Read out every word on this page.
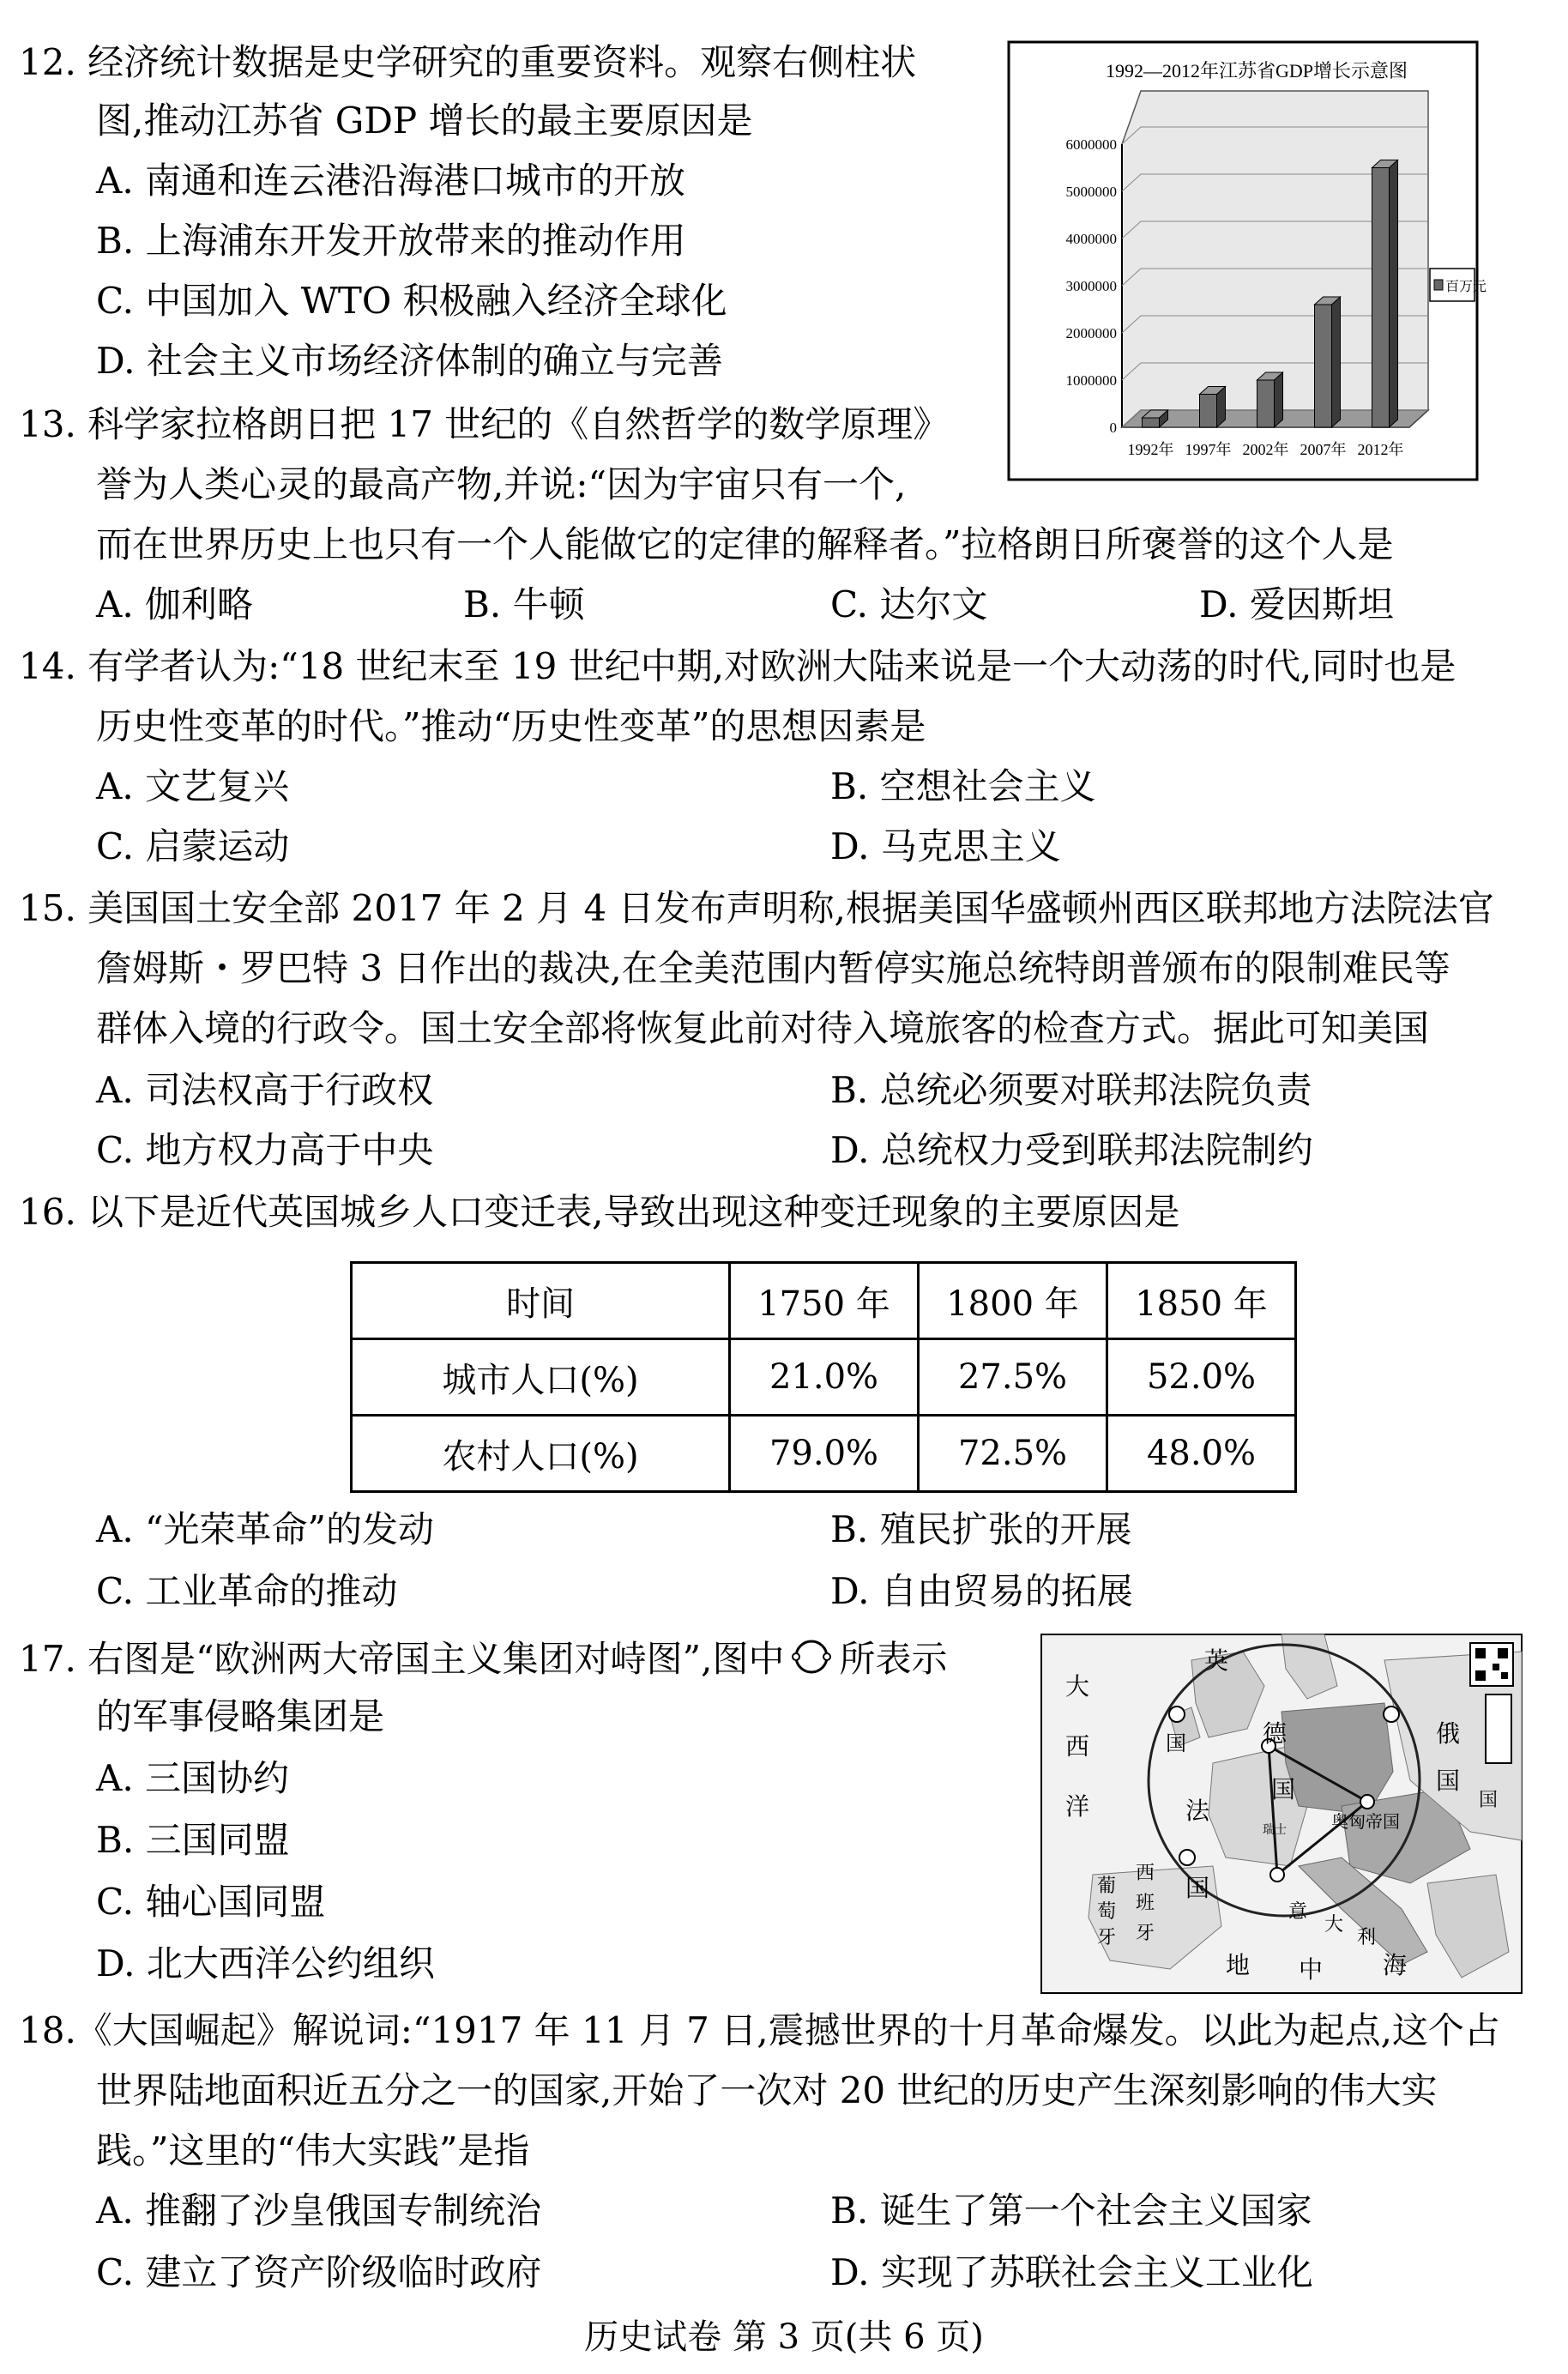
12. 经济统计数据是史学研究的重要资料。观察右侧柱状
图,推动江苏省 GDP 增长的最主要原因是
A. 南通和连云港沿海港口城市的开放
B. 上海浦东开发开放带来的推动作用
C. 中国加入 WTO 积极融入经济全球化
D. 社会主义市场经济体制的确立与完善
1992—2012年江苏省GDP增长示意图
0
1000000
2000000
3000000
4000000
5000000
6000000
1992年 1997年 2002年 2007年 2012年
百万元
13. 科学家拉格朗日把 17 世纪的《自然哲学的数学原理》
誉为人类心灵的最高产物,并说:“因为宇宙只有一个,
而在世界历史上也只有一个人能做它的定律的解释者。”拉格朗日所褒誉的这个人是
A. 伽利略	B. 牛顿	C. 达尔文	D. 爱因斯坦
14. 有学者认为:“18 世纪末至 19 世纪中期,对欧洲大陆来说是一个大动荡的时代,同时也是
历史性变革的时代。”推动“历史性变革”的思想因素是
A. 文艺复兴	B. 空想社会主义
C. 启蒙运动	D. 马克思主义
15. 美国国土安全部 2017 年 2 月 4 日发布声明称,根据美国华盛顿州西区联邦地方法院法官
詹姆斯・罗巴特 3 日作出的裁决,在全美范围内暂停实施总统特朗普颁布的限制难民等
群体入境的行政令。国土安全部将恢复此前对待入境旅客的检查方式。据此可知美国
A. 司法权高于行政权	B. 总统必须要对联邦法院负责
C. 地方权力高于中央	D. 总统权力受到联邦法院制约
16. 以下是近代英国城乡人口变迁表,导致出现这种变迁现象的主要原因是
时间	1750 年	1800 年	1850 年
城市人口(%)	21.0%	27.5%	52.0%
农村人口(%)	79.0%	72.5%	48.0%
A. “光荣革命”的发动	B. 殖民扩张的开展
C. 工业革命的推动	D. 自由贸易的拓展
17. 右图是“欧洲两大帝国主义集团对峙图”,图中 所表示
的军事侵略集团是
A. 三国协约
B. 三国同盟
C. 轴心国同盟
D. 北大西洋公约组织
大
西
洋
英
国
法
国
德
国
俄
国
国
奥匈帝国
瑞士
意
大
利
西
班
牙
葡
萄
牙
地 中 海
18.《大国崛起》解说词:“1917 年 11 月 7 日,震撼世界的十月革命爆发。以此为起点,这个占
世界陆地面积近五分之一的国家,开始了一次对 20 世纪的历史产生深刻影响的伟大实
践。”这里的“伟大实践”是指
A. 推翻了沙皇俄国专制统治	B. 诞生了第一个社会主义国家
C. 建立了资产阶级临时政府	D. 实现了苏联社会主义工业化
历史试卷 第 3 页(共 6 页)
